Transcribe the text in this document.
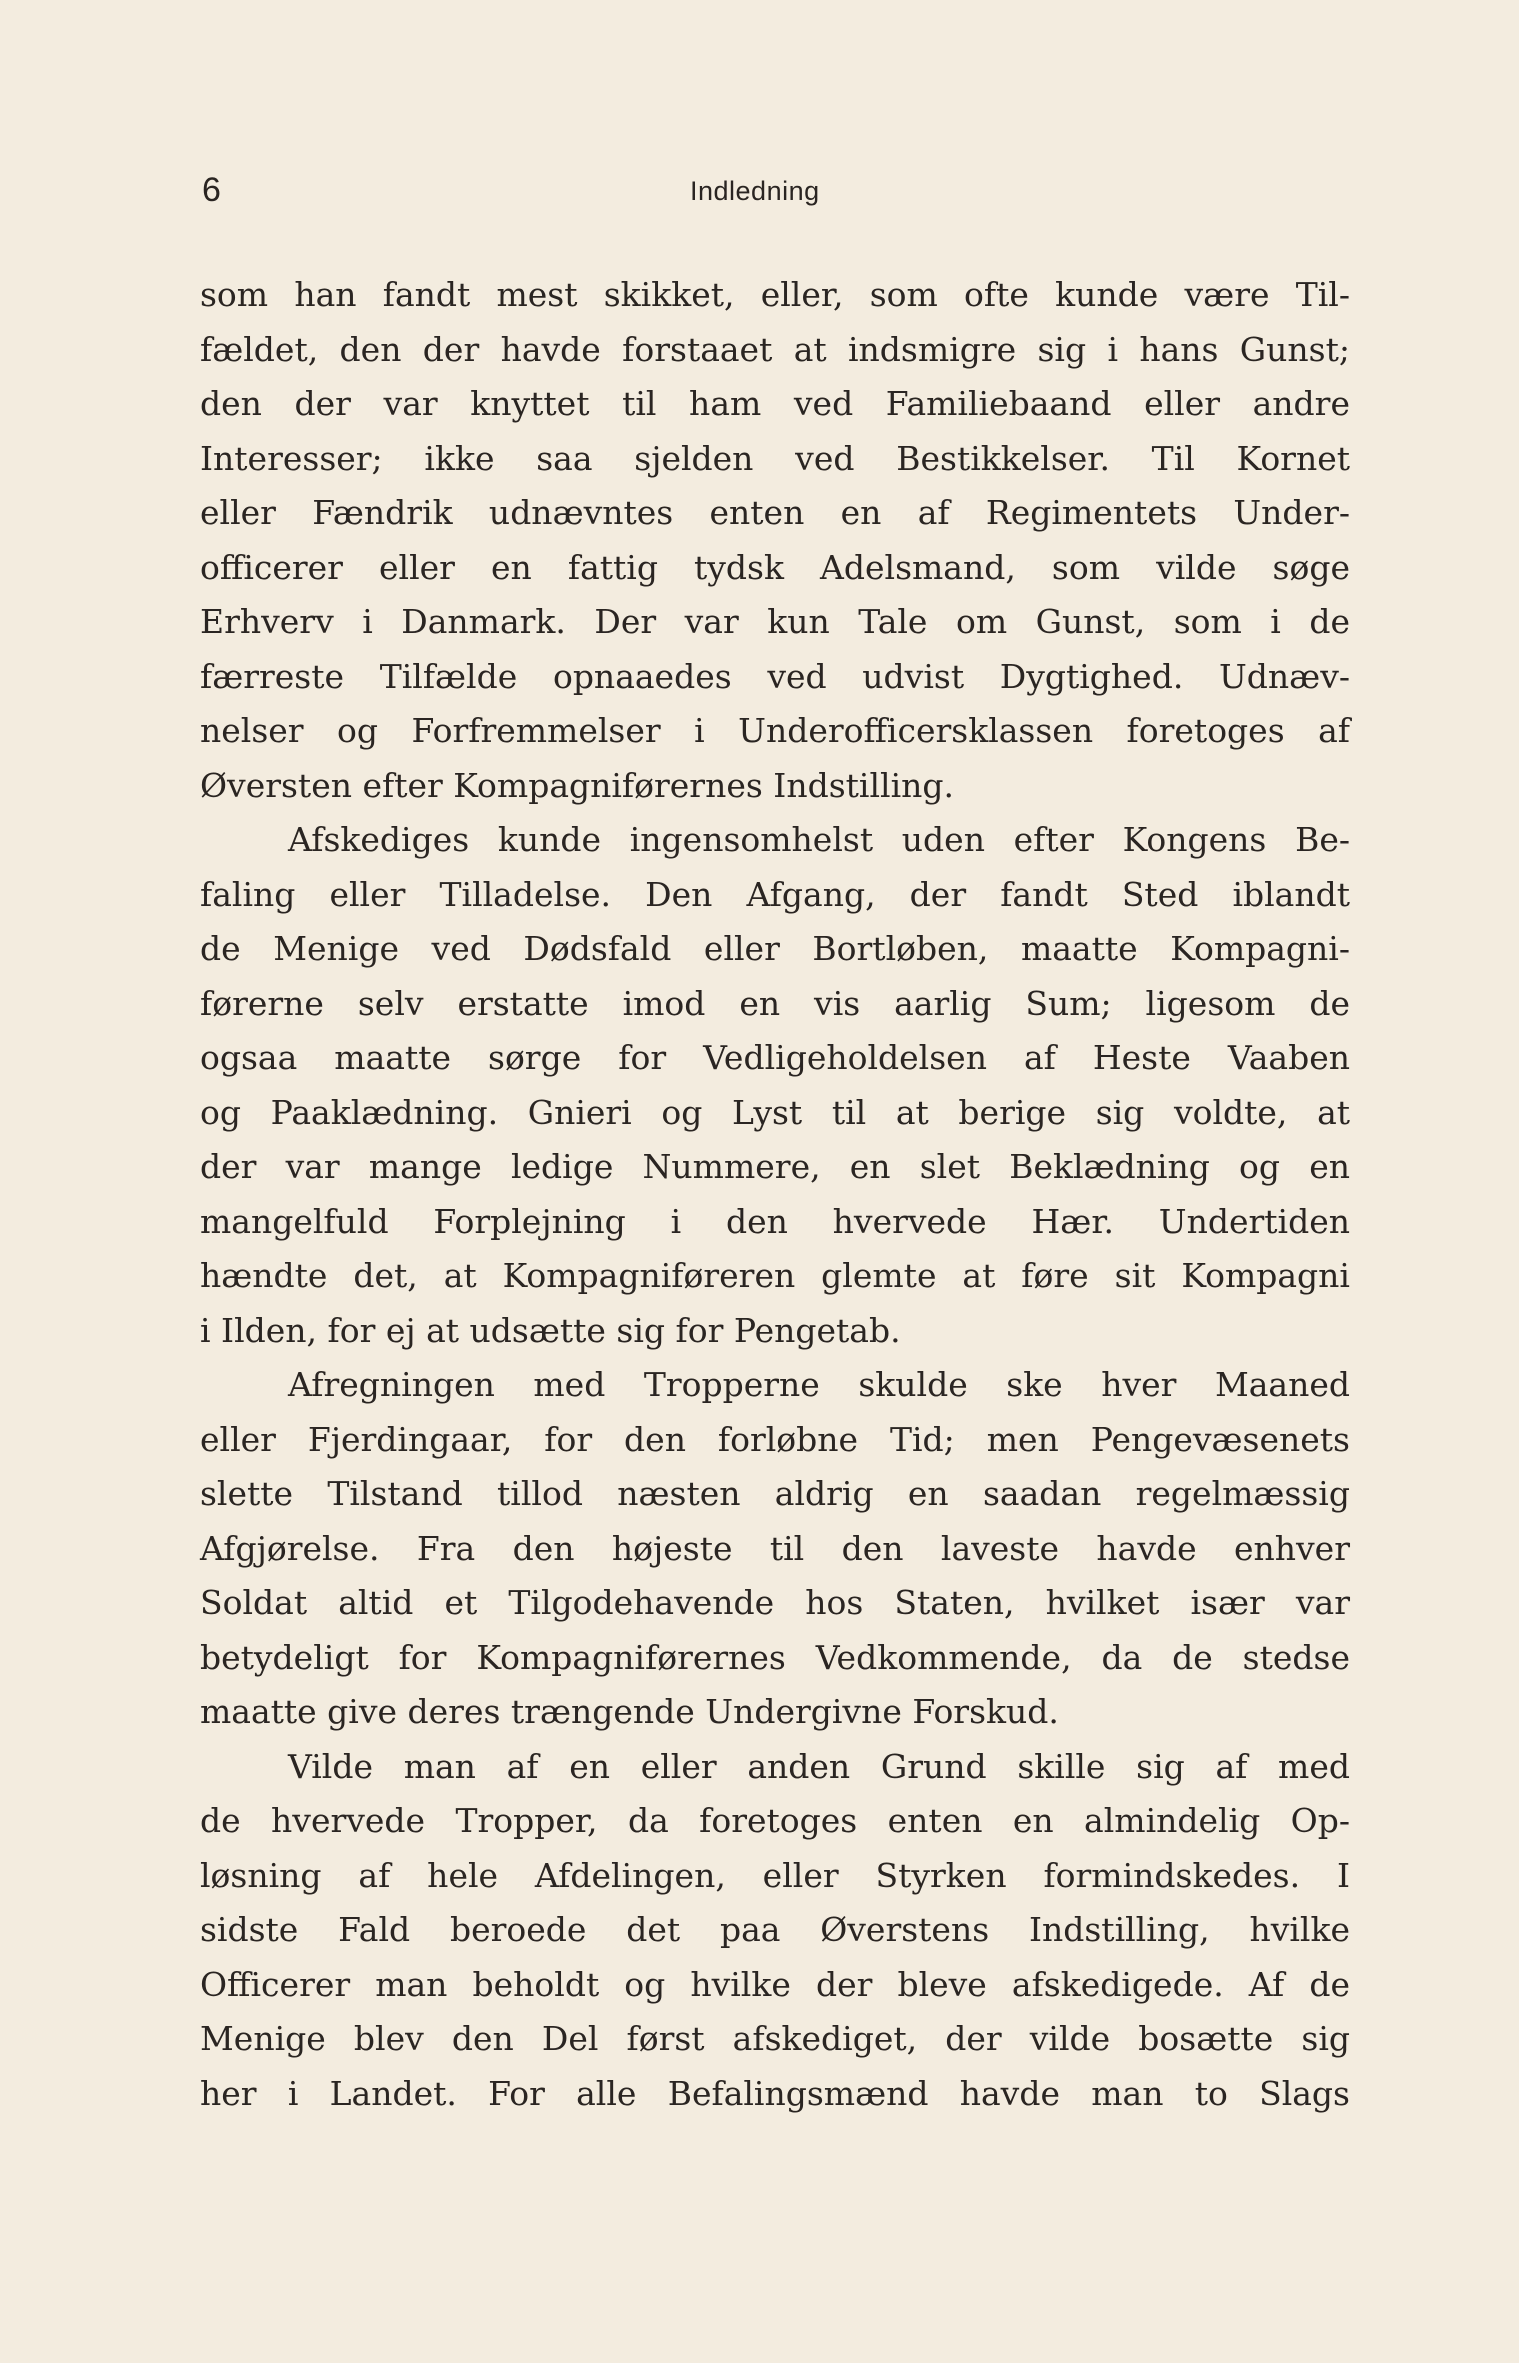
6	Indledning
som han fandt mest skikket, eller, som ofte kunde være Til-
fældet, den der havde forstaaet at indsmigre sig i hans Gunst;
den der var knyttet til ham ved Familiebaand eller andre
Interesser; ikke saa sjelden ved Bestikkelser. Til Kornet
eller Fændrik udnævntes enten en af Regimentets Under-
officerer eller en fattig tydsk Adelsmand, som vilde søge
Erhverv i Danmark. Der var kun Tale om Gunst, som i de
færreste Tilfælde opnaaedes ved udvist Dygtighed. Udnæv-
nelser og Forfremmelser i Underofficersklassen foretoges af
Øversten efter Kompagniførernes Indstilling.
Afskediges kunde ingensomhelst uden efter Kongens Be-
faling eller Tilladelse. Den Afgang, der fandt Sted iblandt
de Menige ved Dødsfald eller Bortløben, maatte Kompagni-
førerne selv erstatte imod en vis aarlig Sum; ligesom de
ogsaa maatte sørge for Vedligeholdelsen af Heste Vaaben
og Paaklædning. Gnieri og Lyst til at berige sig voldte, at
der var mange ledige Nummere, en slet Beklædning og en
mangelfuld Forplejning i den hvervede Hær. Undertiden
hændte det, at Kompagniføreren glemte at føre sit Kompagni
i Ilden, for ej at udsætte sig for Pengetab.
Afregningen med Tropperne skulde ske hver Maaned
eller Fjerdingaar, for den forløbne Tid; men Pengevæsenets
slette Tilstand tillod næsten aldrig en saadan regelmæssig
Afgjørelse. Fra den højeste til den laveste havde enhver
Soldat altid et Tilgodehavende hos Staten, hvilket især var
betydeligt for Kompagniførernes Vedkommende, da de stedse
maatte give deres trængende Undergivne Forskud.
Vilde man af en eller anden Grund skille sig af med
de hvervede Tropper, da foretoges enten en almindelig Op-
løsning af hele Afdelingen, eller Styrken formindskedes. I
sidste Fald beroede det paa Øverstens Indstilling, hvilke
Officerer man beholdt og hvilke der bleve afskedigede. Af de
Menige blev den Del først afskediget, der vilde bosætte sig
her i Landet. For alle Befalingsmænd havde man to Slags
